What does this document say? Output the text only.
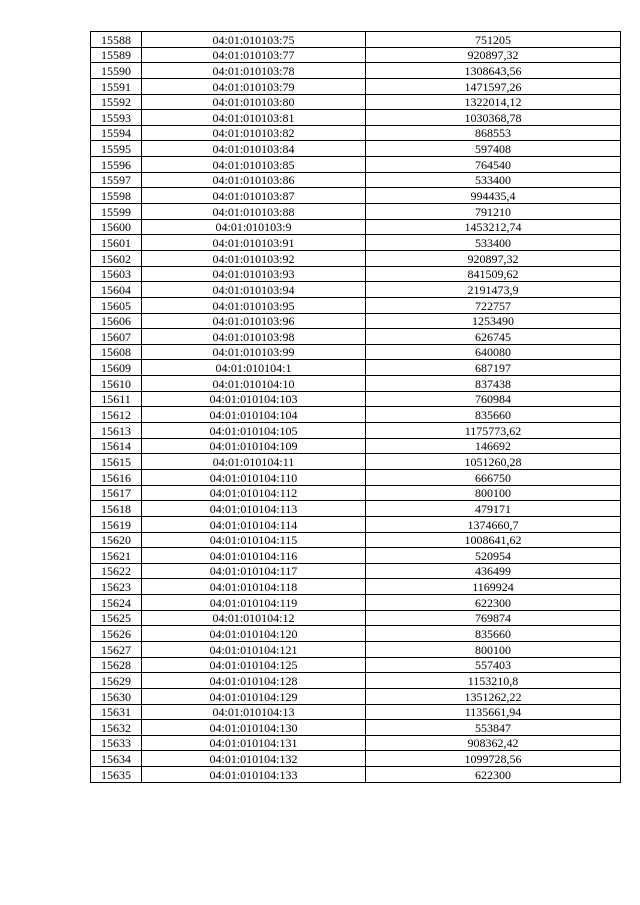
15588	04:01:010103:75	751205
15589	04:01:010103:77	920897,32
15590	04:01:010103:78	1308643,56
15591	04:01:010103:79	1471597,26
15592	04:01:010103:80	1322014,12
15593	04:01:010103:81	1030368,78
15594	04:01:010103:82	868553
15595	04:01:010103:84	597408
15596	04:01:010103:85	764540
15597	04:01:010103:86	533400
15598	04:01:010103:87	994435,4
15599	04:01:010103:88	791210
15600	04:01:010103:9	1453212,74
15601	04:01:010103:91	533400
15602	04:01:010103:92	920897,32
15603	04:01:010103:93	841509,62
15604	04:01:010103:94	2191473,9
15605	04:01:010103:95	722757
15606	04:01:010103:96	1253490
15607	04:01:010103:98	626745
15608	04:01:010103:99	640080
15609	04:01:010104:1	687197
15610	04:01:010104:10	837438
15611	04:01:010104:103	760984
15612	04:01:010104:104	835660
15613	04:01:010104:105	1175773,62
15614	04:01:010104:109	146692
15615	04:01:010104:11	1051260,28
15616	04:01:010104:110	666750
15617	04:01:010104:112	800100
15618	04:01:010104:113	479171
15619	04:01:010104:114	1374660,7
15620	04:01:010104:115	1008641,62
15621	04:01:010104:116	520954
15622	04:01:010104:117	436499
15623	04:01:010104:118	1169924
15624	04:01:010104:119	622300
15625	04:01:010104:12	769874
15626	04:01:010104:120	835660
15627	04:01:010104:121	800100
15628	04:01:010104:125	557403
15629	04:01:010104:128	1153210,8
15630	04:01:010104:129	1351262,22
15631	04:01:010104:13	1135661,94
15632	04:01:010104:130	553847
15633	04:01:010104:131	908362,42
15634	04:01:010104:132	1099728,56
15635	04:01:010104:133	622300
